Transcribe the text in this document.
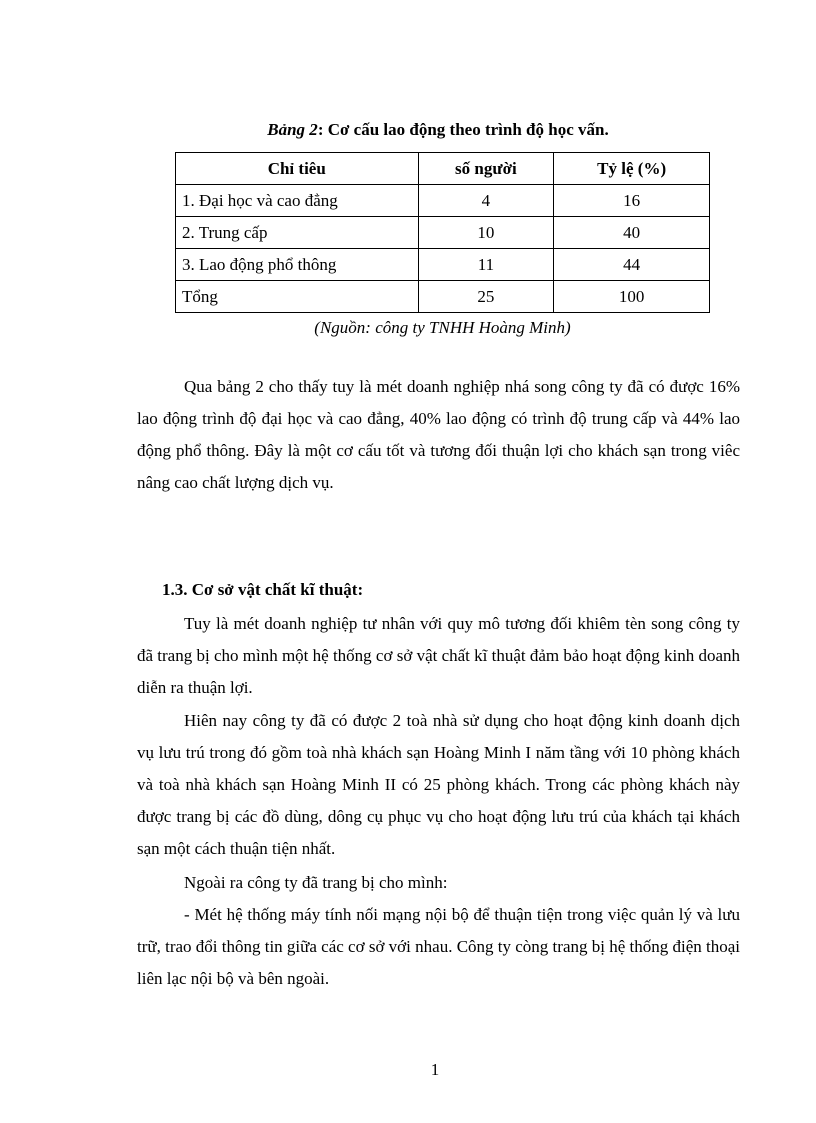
Bảng 2: Cơ cấu lao động theo trình độ học vấn.
Chỉ tiêu	số người	Tỷ lệ (%)
1. Đại học và cao đẳng	4	16
2. Trung cấp	10	40
3. Lao động phổ thông	11	44
Tổng	25	100
(Nguồn: công ty TNHH Hoàng Minh)

Qua bảng 2 cho thấy tuy là mét doanh nghiệp nhá song công ty đã có được 16% lao động trình độ đại học và cao đẳng, 40% lao động có trình độ trung cấp và 44% lao động phổ thông. Đây là một cơ cấu tốt và tương đối thuận lợi cho khách sạn trong viêc nâng cao chất lượng dịch vụ.

1.3. Cơ sở vật chất kĩ thuật:

Tuy là mét doanh nghiệp tư nhân với quy mô tương đối khiêm tèn song công ty đã trang bị cho mình một hệ thống cơ sở vật chất kĩ thuật đảm bảo hoạt động kinh doanh diễn ra thuận lợi.

Hiên nay công ty đã có được 2 toà nhà sử dụng cho hoạt động kinh doanh dịch vụ lưu trú trong đó gồm toà nhà khách sạn Hoàng Minh I năm tầng với 10 phòng khách và toà nhà khách sạn Hoàng Minh II có 25 phòng khách. Trong các phòng khách này được trang bị các đồ dùng, dông cụ phục vụ cho hoạt động lưu trú của khách tại khách sạn một cách thuận tiện nhất.

Ngoài ra công ty đã trang bị cho mình:

- Mét hệ thống máy tính nối mạng nội bộ để thuận tiện trong việc quản lý và lưu trữ, trao đổi thông tin giữa các cơ sở với nhau. Công ty còng trang bị hệ thống điện thoại liên lạc nội bộ và bên ngoài.

1
